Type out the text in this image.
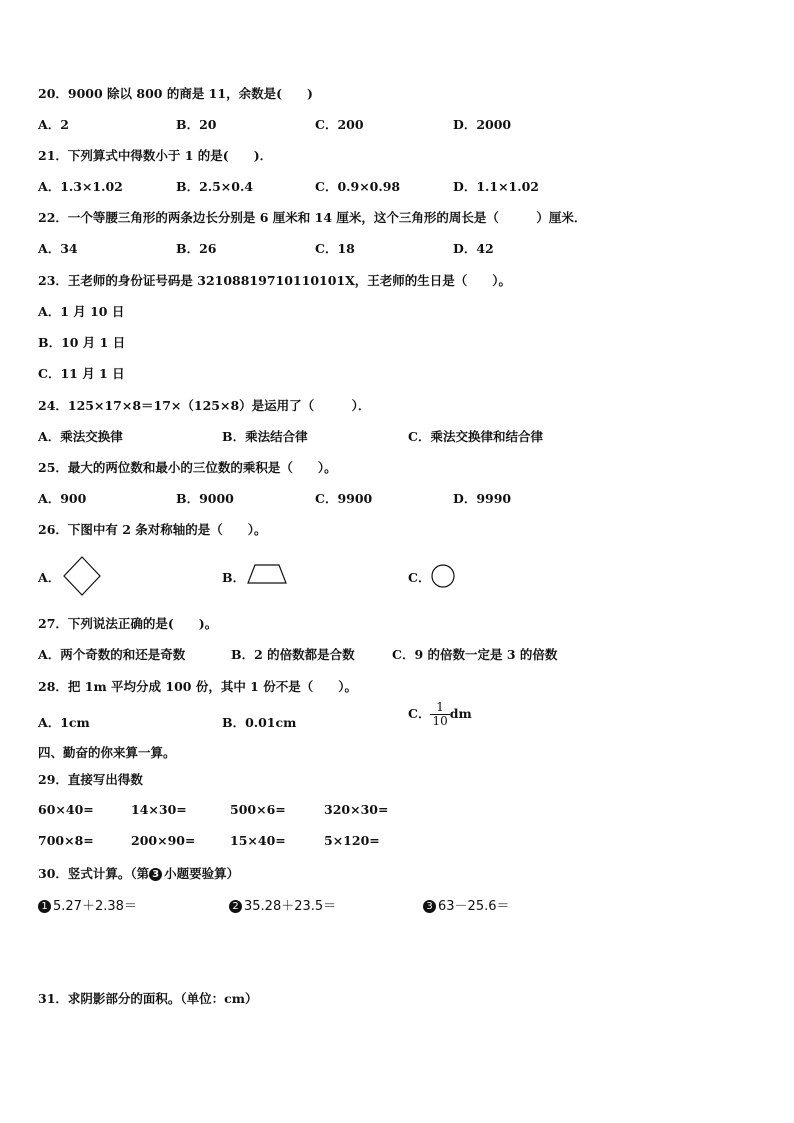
20．9000 除以 800 的商是 11，余数是(　　)
A．2	B．20	C．200	D．2000
21．下列算式中得数小于 1 的是(　　)．
A．1.3×1.02	B．2.5×0.4	C．0.9×0.98	D．1.1×1.02
22．一个等腰三角形的两条边长分别是 6 厘米和 14 厘米，这个三角形的周长是（　　　）厘米．
A．34	B．26	C．18	D．42
23．王老师的身份证号码是 32108819710110101X，王老师的生日是（　　）。
A．1 月 10 日
B．10 月 1 日
C．11 月 1 日
24．125×17×8＝17×（125×8）是运用了（　　　）．
A．乘法交换律	B．乘法结合律	C．乘法交换律和结合律
25．最大的两位数和最小的三位数的乘积是（　　）。
A．900	B．9000	C．9900	D．9990
26．下图中有 2 条对称轴的是（　　）。
A．	B．	C．
27．下列说法正确的是(　　)。
A．两个奇数的和还是奇数	B．2 的倍数都是合数	C．9 的倍数一定是 3 的倍数
28．把 1m 平均分成 100 份，其中 1 份不是（　　）。
A．1cm	B．0.01cm
C． $\frac{1}{10}$ dm
四、勤奋的你来算一算。
29．直接写出得数
60×40=	14×30=	500×6=	320×30=
700×8=	200×90=	15×40=	5×120=
30．竖式计算。（第 3 小题要验算）
1 5.27＋2.38＝	2 35.28＋23.5＝	3 63－25.6＝
31．求阴影部分的面积。（单位：cm）
